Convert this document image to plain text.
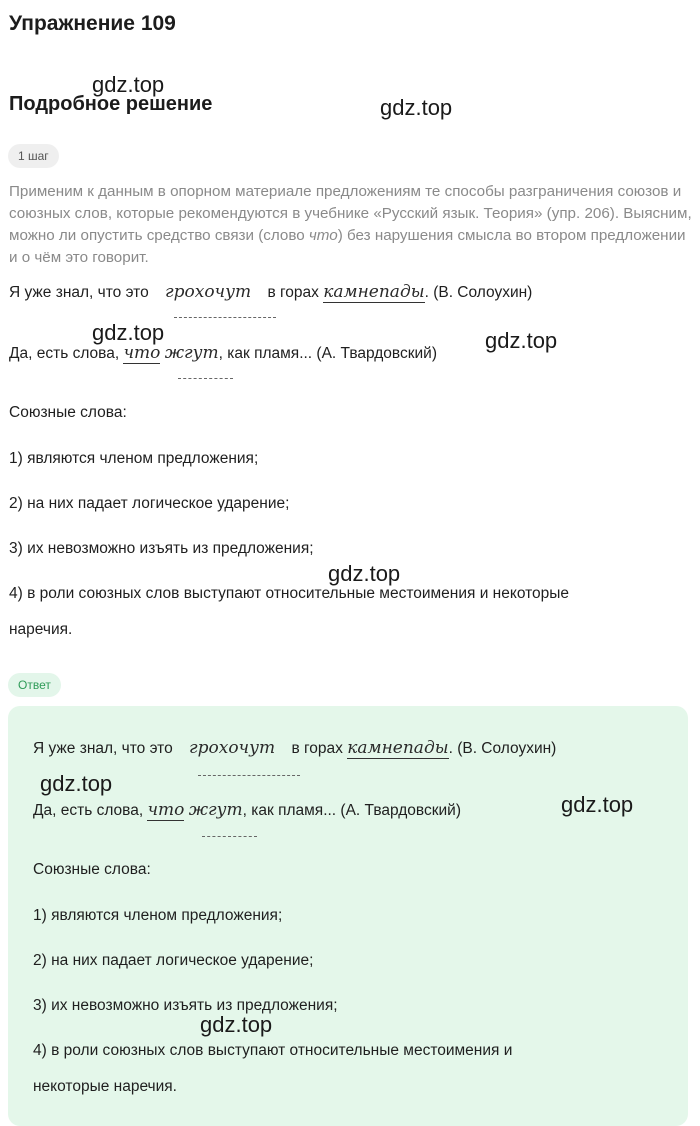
Упражнение 109
Подробное решение
1 шаг
Применим к данным в опорном материале предложениям те способы разграничения союзов и союзных слов, которые рекомендуются в учебнике «Русский язык. Теория» (упр. 206). Выясним, можно ли опустить средство связи (слово что) без нарушения смысла во втором предложении и о чём это говорит.
Я уже знал, что это грохочут в горах камнепады. (В. Солоухин)
Да, есть слова, что жгут, как пламя... (А. Твардовский)
Союзные слова:
1) являются членом предложения;
2) на них падает логическое ударение;
3) их невозможно изъять из предложения;
4) в роли союзных слов выступают относительные местоимения и некоторые
наречия.
Ответ
Я уже знал, что это грохочут в горах камнепады. (В. Солоухин)
Да, есть слова, что жгут, как пламя... (А. Твардовский)
Союзные слова:
1) являются членом предложения;
2) на них падает логическое ударение;
3) их невозможно изъять из предложения;
4) в роли союзных слов выступают относительные местоимения и
некоторые наречия.
gdz.top
gdz.top
gdz.top	gdz.top
gdz.top
gdz.top
gdz.top
gdz.top
